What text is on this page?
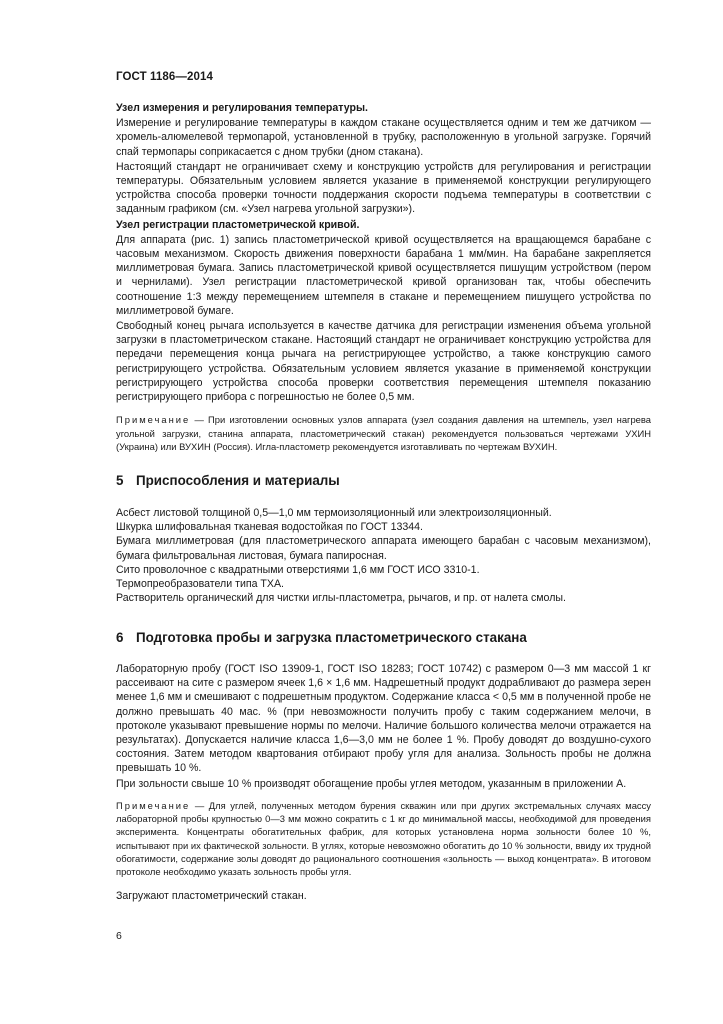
ГОСТ 1186—2014

Узел измерения и регулирования температуры.

Измерение и регулирование температуры в каждом стакане осуществляется одним и тем же датчиком — хромель-алюмелевой термопарой, установленной в трубку, расположенную в угольной загрузке. Горячий спай термопары соприкасается с дном трубки (дном стакана).

Настоящий стандарт не ограничивает схему и конструкцию устройств для регулирования и регистрации температуры. Обязательным условием является указание в применяемой конструкции регулирующего устройства способа проверки точности поддержания скорости подъема температуры в соответствии с заданным графиком (см. «Узел нагрева угольной загрузки»).

Узел регистрации пластометрической кривой.

Для аппарата (рис. 1) запись пластометрической кривой осуществляется на вращающемся барабане с часовым механизмом. Скорость движения поверхности барабана 1 мм/мин. На барабане закрепляется миллиметровая бумага. Запись пластометрической кривой осуществляется пишущим устройством (пером и чернилами). Узел регистрации пластометрической кривой организован так, чтобы обеспечить соотношение 1:3 между перемещением штемпеля в стакане и перемещением пишущего устройства по миллиметровой бумаге.

Свободный конец рычага используется в качестве датчика для регистрации изменения объема угольной загрузки в пластометрическом стакане. Настоящий стандарт не ограничивает конструкцию устройства для передачи перемещения конца рычага на регистрирующее устройство, а также конструкцию самого регистрирующего устройства. Обязательным условием является указание в применяемой конструкции регистрирующего устройства способа проверки соответствия перемещения штемпеля показанию регистрирующего прибора с погрешностью не более 0,5 мм.

Примечание — При изготовлении основных узлов аппарата (узел создания давления на штемпель, узел нагрева угольной загрузки, станина аппарата, пластометрический стакан) рекомендуется пользоваться чертежами УХИН (Украина) или ВУХИН (Россия). Игла-пластометр рекомендуется изготавливать по чертежам ВУХИН.

5 Приспособления и материалы

Асбест листовой толщиной 0,5—1,0 мм термоизоляционный или электроизоляционный.

Шкурка шлифовальная тканевая водостойкая по ГОСТ 13344.

Бумага миллиметровая (для пластометрического аппарата имеющего барабан с часовым механизмом), бумага фильтровальная листовая, бумага папиросная.

Сито проволочное с квадратными отверстиями 1,6 мм ГОСТ ИСО 3310-1.

Термопреобразователи типа ТХА.

Растворитель органический для чистки иглы-пластометра, рычагов, и пр. от налета смолы.

6 Подготовка пробы и загрузка пластометрического стакана

Лабораторную пробу (ГОСТ ISO 13909-1, ГОСТ ISO 18283; ГОСТ 10742) с размером 0—3 мм массой 1 кг рассеивают на сите с размером ячеек 1,6 × 1,6 мм. Надрешетный продукт додрабливают до размера зерен менее 1,6 мм и смешивают с подрешетным продуктом. Содержание класса < 0,5 мм в полученной пробе не должно превышать 40 мас. % (при невозможности получить пробу с таким содержанием мелочи, в протоколе указывают превышение нормы по мелочи. Наличие большого количества мелочи отражается на результатах). Допускается наличие класса 1,6—3,0 мм не более 1 %. Пробу доводят до воздушно-сухого состояния. Затем методом квартования отбирают пробу угля для анализа. Зольность пробы не должна превышать 10 %.

При зольности свыше 10 % производят обогащение пробы углея методом, указанным в приложении А.

Примечание — Для углей, полученных методом бурения скважин или при других экстремальных случаях массу лабораторной пробы крупностью 0—3 мм можно сократить с 1 кг до минимальной массы, необходимой для проведения эксперимента. Концентраты обогатительных фабрик, для которых установлена норма зольности более 10 %, испытывают при их фактической зольности. В углях, которые невозможно обогатить до 10 % зольности, ввиду их трудной обогатимости, содержание золы доводят до рационального соотношения «зольность — выход концентрата». В итоговом протоколе необходимо указать зольность пробы угля.

Загружают пластометрический стакан.

6
